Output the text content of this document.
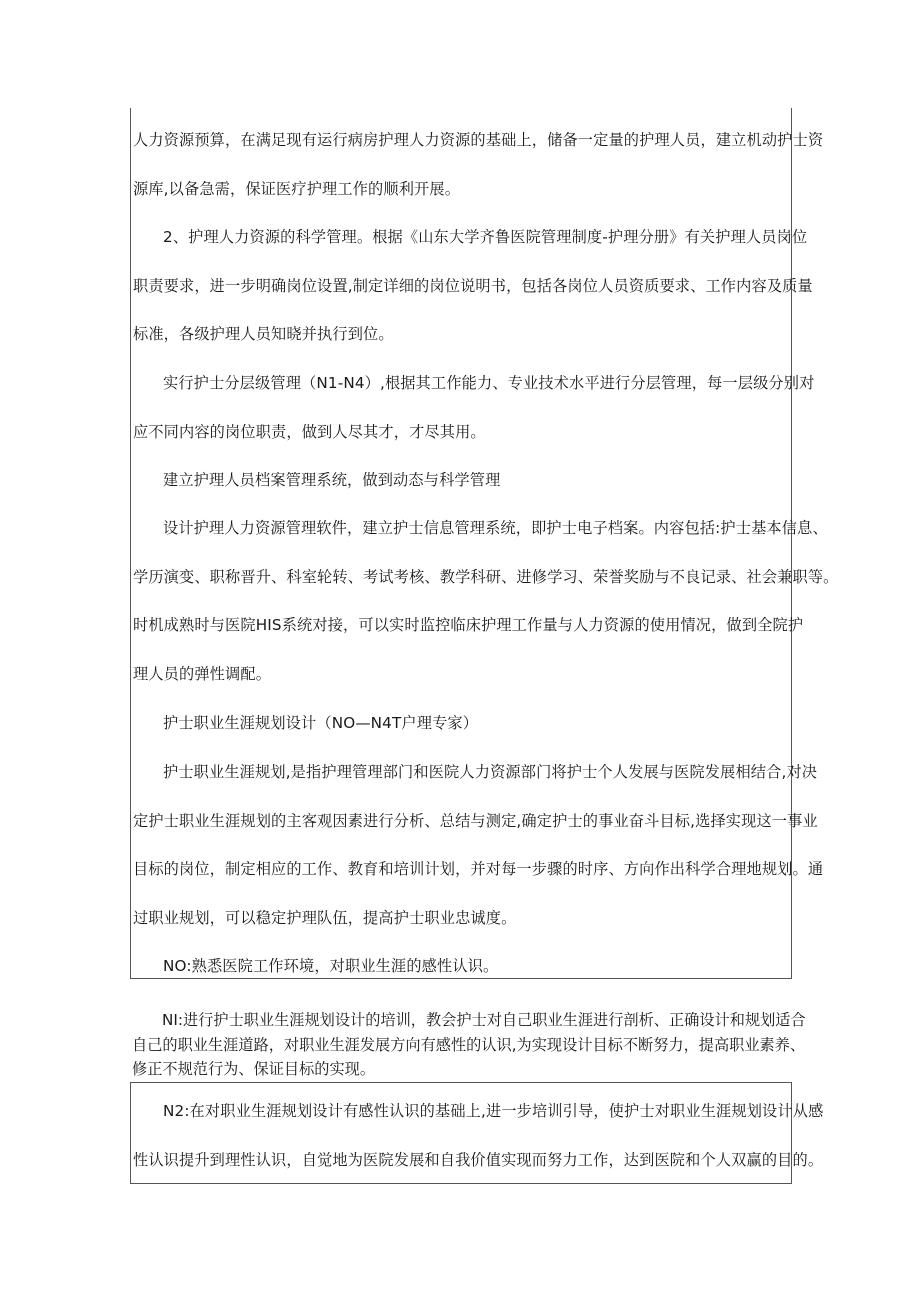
人力资源预算，在满足现有运行病房护理人力资源的基础上，储备一定量的护理人员，建立机动护士资
源库,以备急需，保证医疗护理工作的顺利开展。

2、护理人力资源的科学管理。根据《山东大学齐鲁医院管理制度-护理分册》有关护理人员岗位
职责要求，进一步明确岗位设置,制定详细的岗位说明书，包括各岗位人员资质要求、工作内容及质量
标准，各级护理人员知晓并执行到位。

实行护士分层级管理（N1-N4）,根据其工作能力、专业技术水平进行分层管理，每一层级分别对
应不同内容的岗位职责，做到人尽其才，才尽其用。

建立护理人员档案管理系统，做到动态与科学管理

设计护理人力资源管理软件，建立护士信息管理系统，即护士电子档案。内容包括:护士基本信息、
学历演变、职称晋升、科室轮转、考试考核、教学科研、进修学习、荣誉奖励与不良记录、社会兼职等。
时机成熟时与医院HIS系统对接，可以实时监控临床护理工作量与人力资源的使用情况，做到全院护
理人员的弹性调配。

护士职业生涯规划设计（NO—N4T户理专家）

护士职业生涯规划,是指护理管理部门和医院人力资源部门将护士个人发展与医院发展相结合,对决
定护士职业生涯规划的主客观因素进行分析、总结与测定,确定护士的事业奋斗目标,选择实现这一事业
目标的岗位，制定相应的工作、教育和培训计划，并对每一步骤的时序、方向作出科学合理地规划。通
过职业规划，可以稳定护理队伍，提高护士职业忠诚度。

NO:熟悉医院工作环境，对职业生涯的感性认识。

NI:进行护士职业生涯规划设计的培训，教会护士对自己职业生涯进行剖析、正确设计和规划适合
自己的职业生涯道路，对职业生涯发展方向有感性的认识,为实现设计目标不断努力，提高职业素养、
修正不规范行为、保证目标的实现。

N2:在对职业生涯规划设计有感性认识的基础上,进一步培训引导，使护士对职业生涯规划设计从感
性认识提升到理性认识，自觉地为医院发展和自我价值实现而努力工作，达到医院和个人双赢的目的。
